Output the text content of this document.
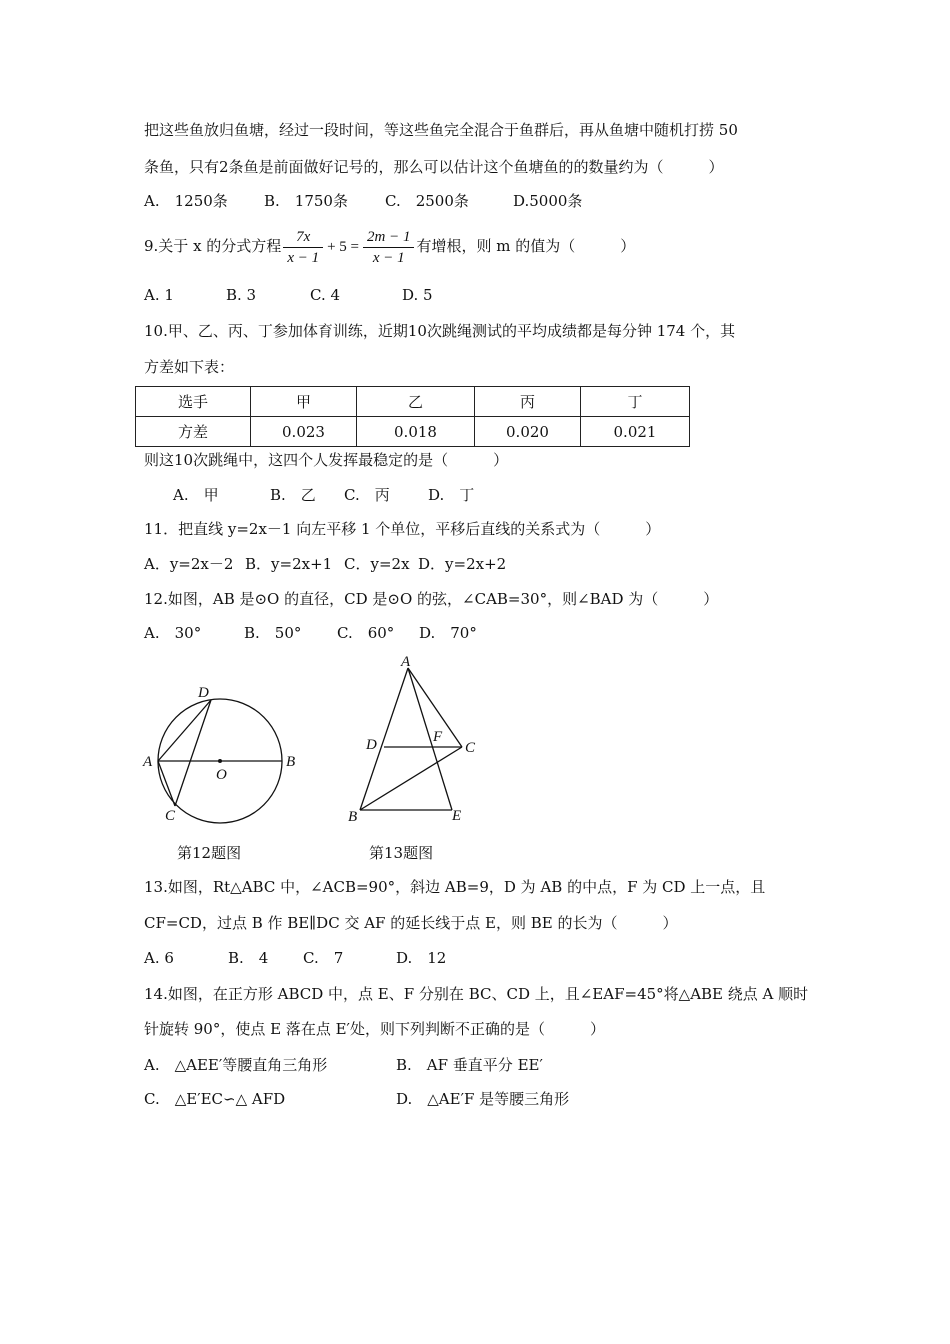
把这些鱼放归鱼塘，经过一段时间，等这些鱼完全混合于鱼群后，再从鱼塘中随机打捞 50
条鱼，只有2条鱼是前面做好记号的，那么可以估计这个鱼塘鱼的的数量约为（　　　）
A.　1250条 B.　1750条 C.　2500条	D.5000条
9.关于 x 的分式方程 $\frac{7x}{x - 1} + 5 = \frac{2m - 1}{x - 1}$ 有增根，则 m 的值为（　　　）
A. 1	B. 3	C. 4	D. 5
10.甲、乙、丙、丁参加体育训练，近期10次跳绳测试的平均成绩都是每分钟 174 个，其
方差如下表：
选手	甲	乙	丙	丁
方差	0.023	0.018	0.020	0.021
则这10次跳绳中，这四个人发挥最稳定的是（　　　）
A.　甲	B.　乙 C.　丙	D.　丁
11．把直线 y=2x－1 向左平移 1 个单位，平移后直线的关系式为（　　　）
A．y=2x－2 B．y=2x+1 C．y=2x D．y=2x+2
12.如图，AB 是⊙O 的直径，CD 是⊙O 的弦，∠CAB=30°，则∠BAD 为（　　　）
A.　30°	B.　50° C.　60° D.　70°
A	B
C
D
O
A
B
C
D
E
F
第12题图	第13题图
13.如图，Rt△ABC 中，∠ACB=90°，斜边 AB=9，D 为 AB 的中点，F 为 CD 上一点，且
CF=CD，过点 B 作 BE∥DC 交 AF 的延长线于点 E，则 BE 的长为（　　　）
A. 6	B.　4 C.　7	D.　12
14.如图，在正方形 ABCD 中，点 E、F 分别在 BC、CD 上，且∠EAF=45°将△ABE 绕点 A 顺时
针旋转 90°，使点 E 落在点 E′处，则下列判断不正确的是（　　　）
A.　△AEE′等腰直角三角形	B.　AF 垂直平分 EE′
C.　△E′EC∽△ AFD	D.　△AE′F 是等腰三角形
